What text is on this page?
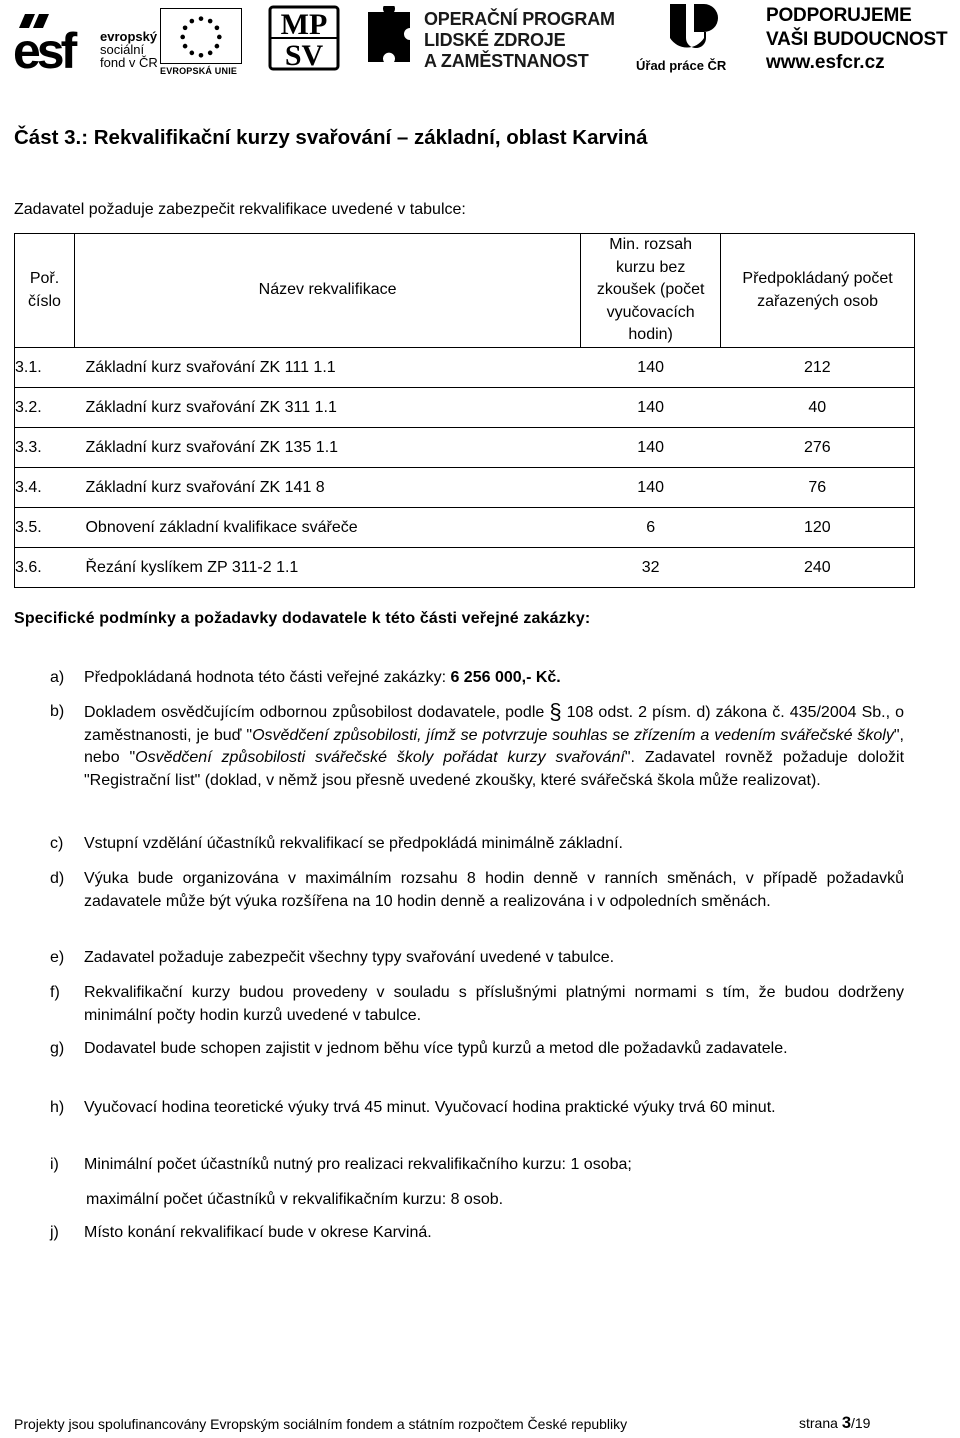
esf	evropský
sociální
fond v ČR
EVROPSKÁ UNIE
MP
SV
OPERAČNÍ PROGRAM
LIDSKÉ ZDROJE
A ZAMĚSTNANOST	Úřad práce ČR
PODPORUJEME
VAŠI BUDOUCNOST
www.esfcr.cz
Část 3.: Rekvalifikační kurzy svařování – základní, oblast Karviná
Zadavatel požaduje zabezpečit rekvalifikace uvedené v tabulce:
Poř. číslo	Název rekvalifikace	Min. rozsah kurzu bez zkoušek (počet vyučovacích hodin)	Předpokládaný počet zařazených osob
3.1.	Základní kurz svařování ZK 111 1.1	140	212
3.2.	Základní kurz svařování ZK 311 1.1	140	40
3.3.	Základní kurz svařování ZK 135 1.1	140	276
3.4.	Základní kurz svařování ZK 141 8	140	76
3.5.	Obnovení základní kvalifikace svářeče	6	120
3.6.	Řezání kyslíkem ZP 311-2 1.1	32	240
Specifické podmínky a požadavky dodavatele k této části veřejné zakázky:
a) Předpokládaná hodnota této části veřejné zakázky: 6 256 000,- Kč.
b) Dokladem osvědčujícím odbornou způsobilost dodavatele, podle § 108 odst. 2 písm. d) zákona č. 435/2004 Sb., o zaměstnanosti, je buď "Osvědčení způsobilosti, jímž se potvrzuje souhlas se zřízením a vedením svářečské školy", nebo "Osvědčení způsobilosti svářečské školy pořádat kurzy svařování". Zadavatel rovněž požaduje doložit "Registrační list" (doklad, v němž jsou přesně uvedené zkoušky, které svářečská škola může realizovat).
c) Vstupní vzdělání účastníků rekvalifikací se předpokládá minimálně základní.
d) Výuka bude organizována v maximálním rozsahu 8 hodin denně v ranních směnách, v případě požadavků zadavatele může být výuka rozšířena na 10 hodin denně a realizována i v odpoledních směnách.
e) Zadavatel požaduje zabezpečit všechny typy svařování uvedené v tabulce.
f) Rekvalifikační kurzy budou provedeny v souladu s příslušnými platnými normami s tím, že budou dodrženy minimální počty hodin kurzů uvedené v tabulce.
g) Dodavatel bude schopen zajistit v jednom běhu více typů kurzů a metod dle požadavků zadavatele.
h) Vyučovací hodina teoretické výuky trvá 45 minut. Vyučovací hodina praktické výuky trvá 60 minut.
i) Minimální počet účastníků nutný pro realizaci rekvalifikačního kurzu: 1 osoba;
maximální počet účastníků v rekvalifikačním kurzu: 8 osob.
j) Místo konání rekvalifikací bude v okrese Karviná.
Projekty jsou spolufinancovány Evropským sociálním fondem a státním rozpočtem České republiky	strana 3/19
